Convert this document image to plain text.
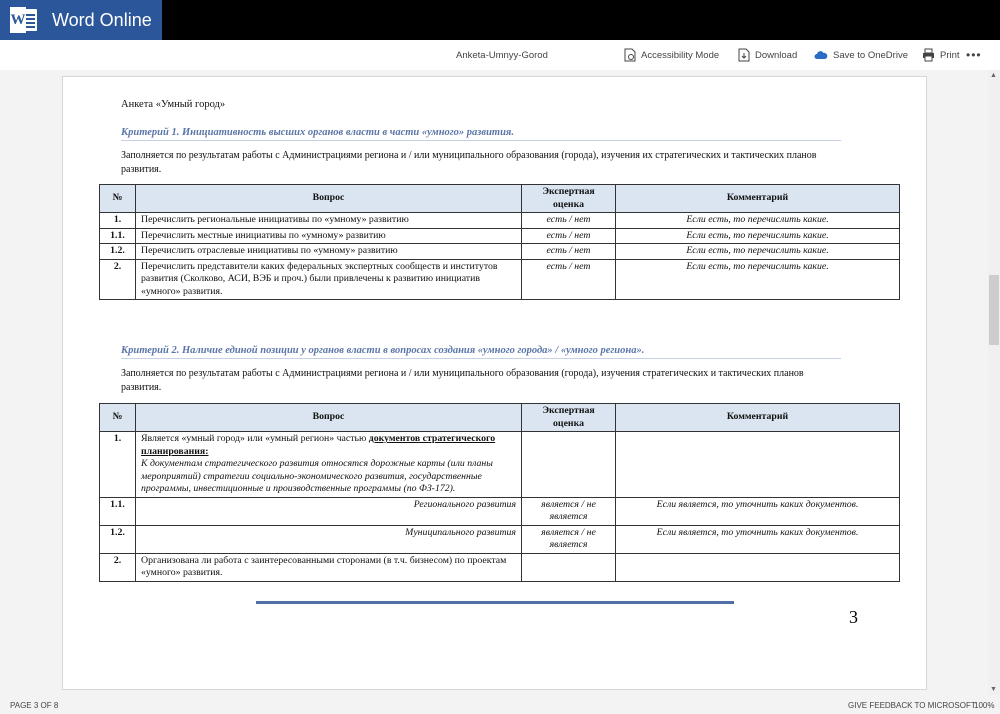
W Word Online
Anketa-Umnyy-Gorod	Accessibility Mode	Download	Save to OneDrive	Print •••
▲
▼
Анкета «Умный город»
Критерий 1. Инициативность высших органов власти в части «умного» развития.
Заполняется по результатам работы с Администрациями региона и / или муниципального образования (города), изучения их стратегических и тактических планов развития.
№	Вопрос	Экспертная оценка	Комментарий
1.	Перечислить региональные инициативы по «умному» развитию	есть / нет	Если есть, то перечислить какие.
1.1.	Перечислить местные инициативы по «умному» развитию	есть / нет	Если есть, то перечислить какие.
1.2.	Перечислить отраслевые инициативы по «умному» развитию	есть / нет	Если есть, то перечислить какие.
2.	Перечислить представители каких федеральных экспертных сообществ и институтов развития (Сколково, АСИ, ВЭБ и проч.) были привлечены к развитию инициатив «умного» развития.	есть / нет	Если есть, то перечислить какие.
Критерий 2. Наличие единой позиции у органов власти в вопросах создания «умного города» / «умного региона».
Заполняется по результатам работы с Администрациями региона и / или муниципального образования (города), изучения стратегических и тактических планов развития.
№	Вопрос	Экспертная оценка	Комментарий
1.	Является «умный город» или «умный регион» частью документов стратегического планирования:
К документам стратегического развития относятся дорожные карты (или планы мероприятий) стратегии социально-экономического развития, государственные программы, инвестиционные и производственные программы (по ФЗ-172).		
1.1.	Регионального развития	является / не является	Если является, то уточнить каких документов.
1.2.	Муниципального развития	является / не является	Если является, то уточнить каких документов.
2.	Организована ли работа с заинтересованными сторонами (в т.ч. бизнесом) по проектам «умного» развития.		
3
PAGE 3 OF 8	GIVE FEEDBACK TO MICROSOFT
100%
